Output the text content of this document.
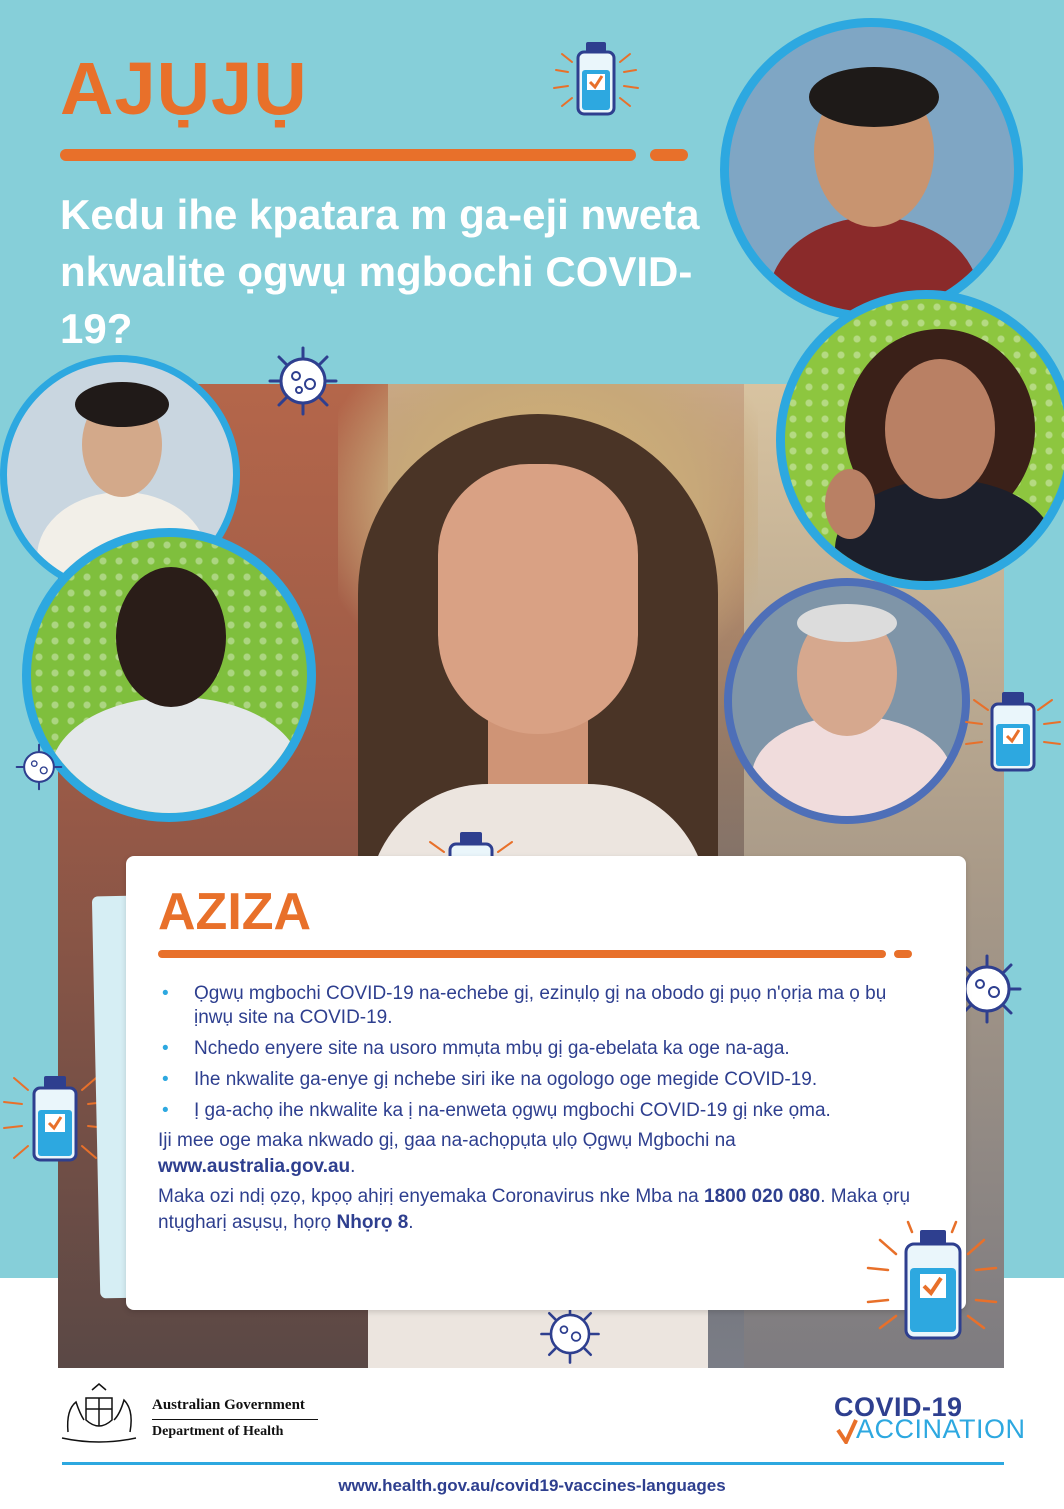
AJỤJỤ

Kedu ihe kpatara m ga-eji nweta nkwalite ọgwụ mgbochi COVID-19?

AZIZA
• Ọgwụ mgbochi COVID-19 na-echebe gị, ezinụlọ gị na obodo gị pụọ n'ọrịa ma ọ bụ ịnwụ site na COVID-19.
• Nchedo enyere site na usoro mmụta mbụ gị ga-ebelata ka oge na-aga.
• Ihe nkwalite ga-enye gị nchebe siri ike na ogologo oge megide COVID-19.
• Ị ga-achọ ihe nkwalite ka ị na-enweta ọgwụ mgbochi COVID-19 gị nke ọma.

Iji mee oge maka nkwado gị, gaa na-achọpụta ụlọ Ọgwụ Mgbochi na www.australia.gov.au.

Maka ozi ndị ọzọ, kpọọ ahịrị enyemaka Coronavirus nke Mba na 1800 020 080. Maka ọrụ ntụgharị asụsụ, họrọ Nhọrọ 8.

Australian Government

Department of Health

COVID-19

ACCINATION

www.health.gov.au/covid19-vaccines-languages
